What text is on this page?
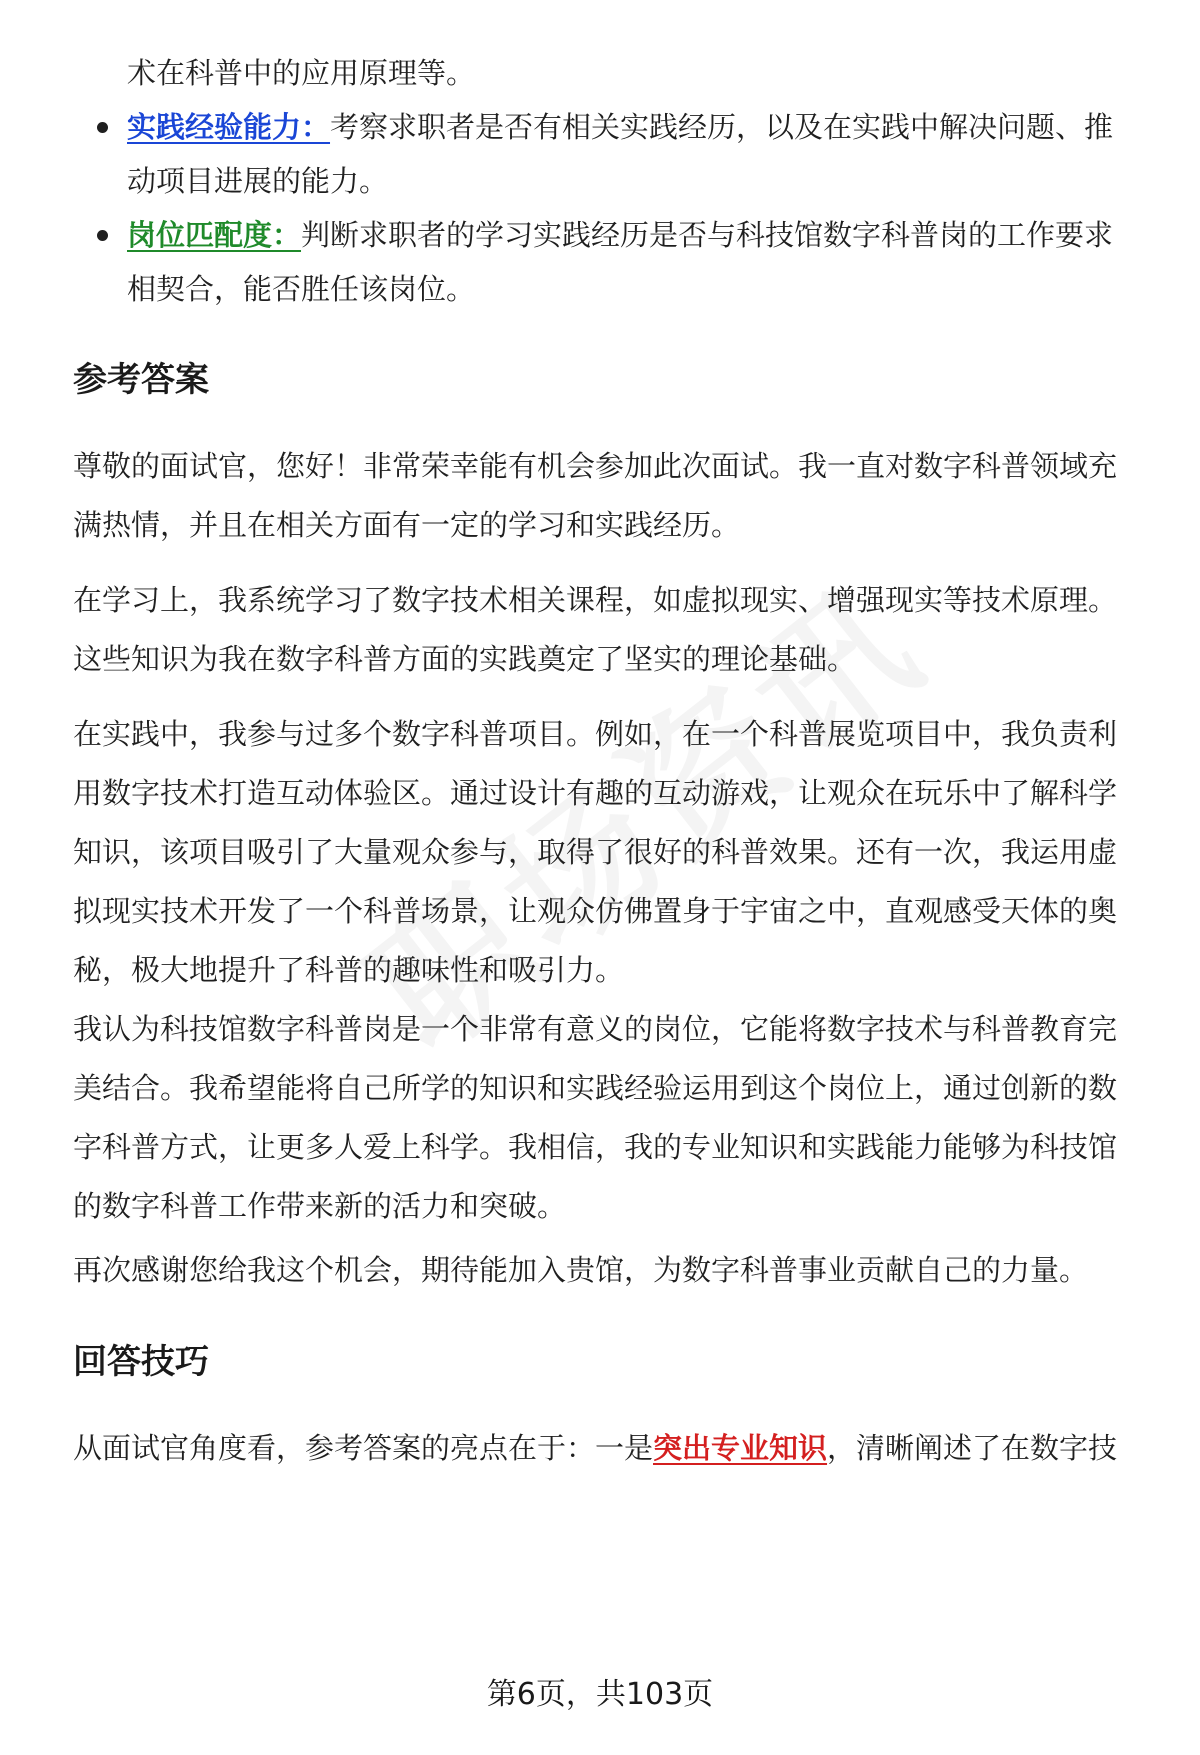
术在科普中的应用原理等。
实践经验能力：考察求职者是否有相关实践经历，以及在实践中解决问题、推
动项目进展的能力。
岗位匹配度：判断求职者的学习实践经历是否与科技馆数字科普岗的工作要求
相契合，能否胜任该岗位。
参考答案
尊敬的面试官，您好！非常荣幸能有机会参加此次面试。我一直对数字科普领域充
满热情，并且在相关方面有一定的学习和实践经历。
在学习上，我系统学习了数字技术相关课程，如虚拟现实、增强现实等技术原理。
这些知识为我在数字科普方面的实践奠定了坚实的理论基础。
在实践中，我参与过多个数字科普项目。例如，在一个科普展览项目中，我负责利
用数字技术打造互动体验区。通过设计有趣的互动游戏，让观众在玩乐中了解科学
知识，该项目吸引了大量观众参与，取得了很好的科普效果。还有一次，我运用虚
拟现实技术开发了一个科普场景，让观众仿佛置身于宇宙之中，直观感受天体的奥
秘，极大地提升了科普的趣味性和吸引力。
我认为科技馆数字科普岗是一个非常有意义的岗位，它能将数字技术与科普教育完
美结合。我希望能将自己所学的知识和实践经验运用到这个岗位上，通过创新的数
字科普方式，让更多人爱上科学。我相信，我的专业知识和实践能力能够为科技馆
的数字科普工作带来新的活力和突破。
再次感谢您给我这个机会，期待能加入贵馆，为数字科普事业贡献自己的力量。
回答技巧
从面试官角度看，参考答案的亮点在于：一是突出专业知识，清晰阐述了在数字技
第6页，共103页
